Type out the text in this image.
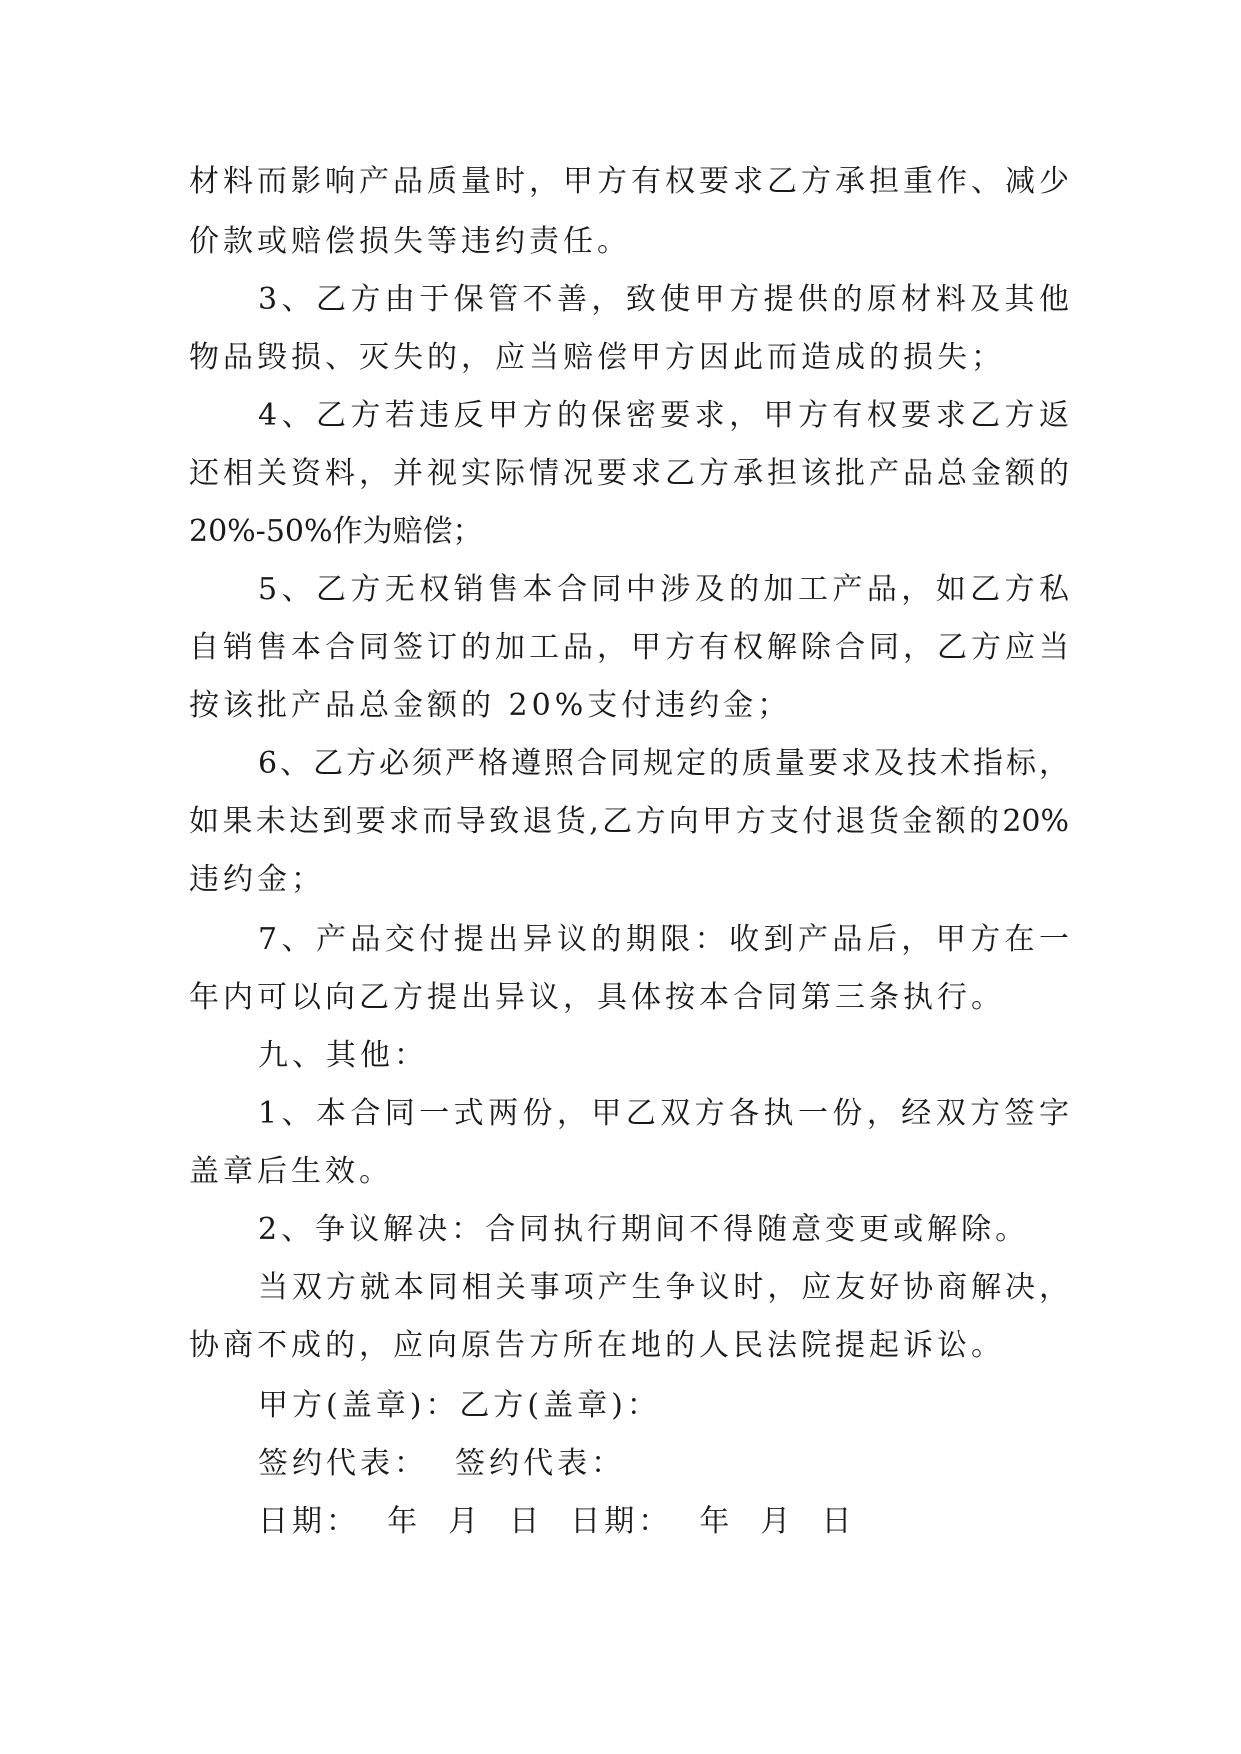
材料而影响产品质量时，甲方有权要求乙方承担重作、减少
价款或赔偿损失等违约责任。
3、乙方由于保管不善，致使甲方提供的原材料及其他
物品毁损、灭失的，应当赔偿甲方因此而造成的损失；
4、乙方若违反甲方的保密要求，甲方有权要求乙方返
还相关资料，并视实际情况要求乙方承担该批产品总金额的
20%-50%作为赔偿；
5、乙方无权销售本合同中涉及的加工产品，如乙方私
自销售本合同签订的加工品，甲方有权解除合同，乙方应当
按该批产品总金额的 20%支付违约金；
6、乙方必须严格遵照合同规定的质量要求及技术指标，
如果未达到要求而导致退货,乙方向甲方支付退货金额的20%
违约金；
7、产品交付提出异议的期限：收到产品后，甲方在一
年内可以向乙方提出异议，具体按本合同第三条执行。
九、其他：
1、本合同一式两份，甲乙双方各执一份，经双方签字
盖章后生效。
2、争议解决：合同执行期间不得随意变更或解除。
当双方就本同相关事项产生争议时，应友好协商解决，
协商不成的，应向原告方所在地的人民法院提起诉讼。
甲方(盖章)：乙方(盖章)：
签约代表：  签约代表：
日期：  年  月  日  日期：  年  月  日
